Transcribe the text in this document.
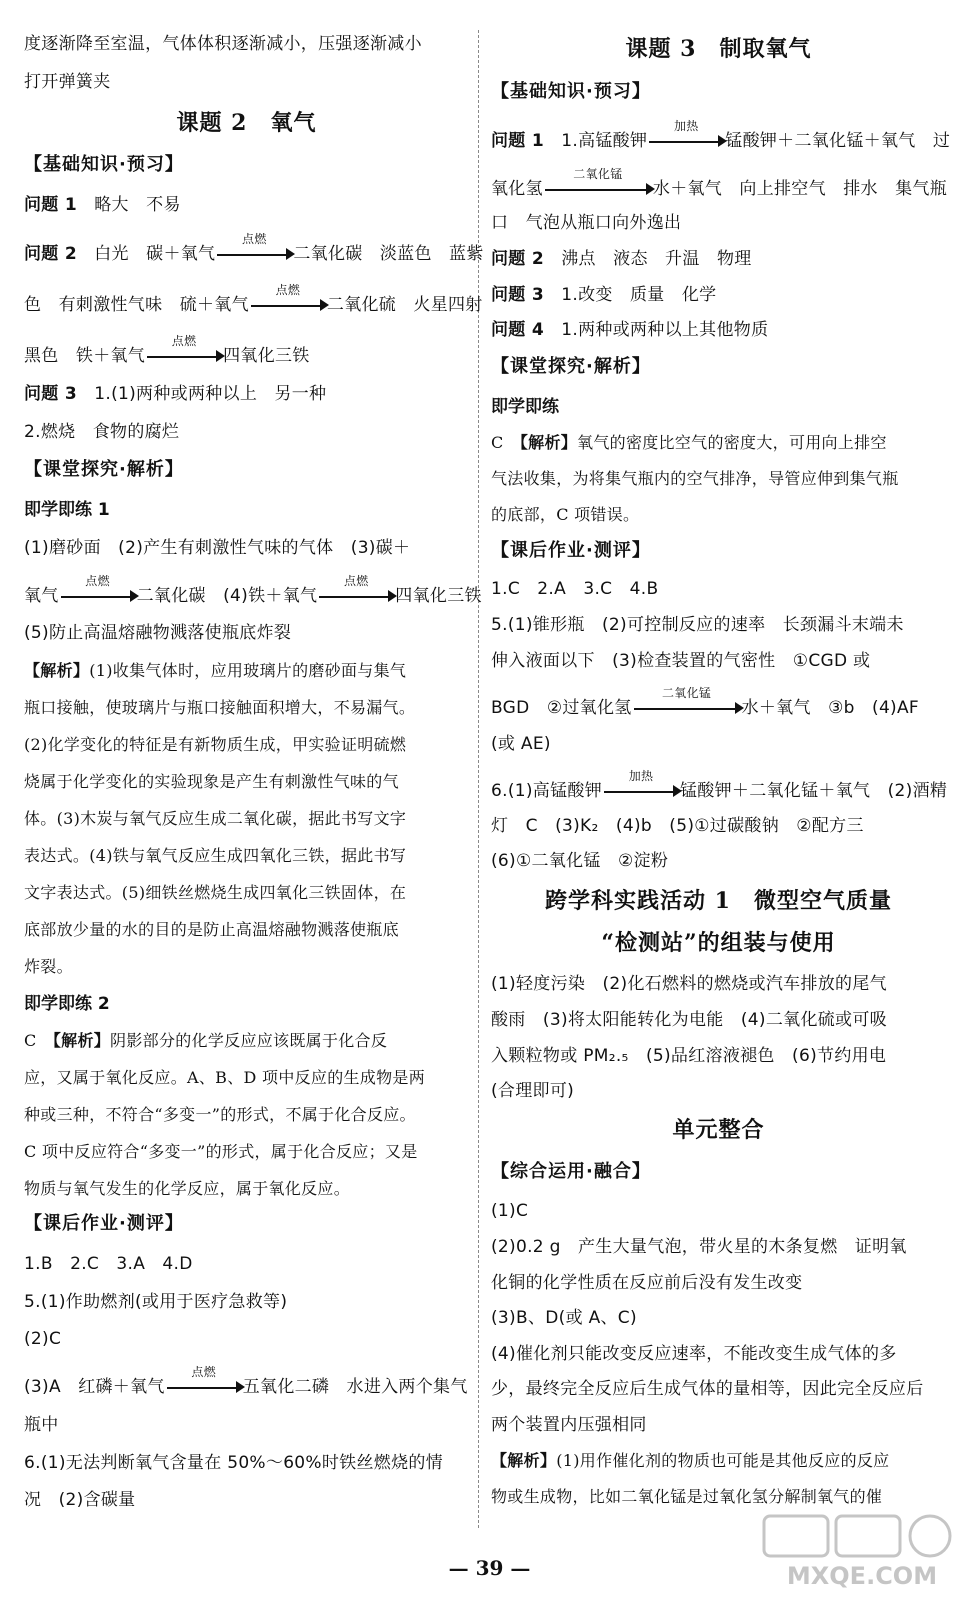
度逐渐降至室温，气体体积逐渐减小，压强逐渐减小
打开弹簧夹
课题 2　氧气
【基础知识·预习】
问题 1　略大　不易
问题 2　白光　碳＋氧气
点燃
二氧化碳　淡蓝色　蓝紫
色　有刺激性气味　硫＋氧气
点燃
二氧化硫　火星四射
黑色　铁＋氧气
点燃
四氧化三铁
问题 3　1.(1)两种或两种以上　另一种
2.燃烧　食物的腐烂
【课堂探究·解析】
即学即练 1
(1)磨砂面　(2)产生有刺激性气味的气体　(3)碳＋
氧气
点燃
二氧化碳　(4)铁＋氧气
点燃
四氧化三铁
(5)防止高温熔融物溅落使瓶底炸裂
【解析】(1)收集气体时，应用玻璃片的磨砂面与集气
瓶口接触，使玻璃片与瓶口接触面积增大，不易漏气。
(2)化学变化的特征是有新物质生成，甲实验证明硫燃
烧属于化学变化的实验现象是产生有刺激性气味的气
体。(3)木炭与氧气反应生成二氧化碳，据此书写文字
表达式。(4)铁与氧气反应生成四氧化三铁，据此书写
文字表达式。(5)细铁丝燃烧生成四氧化三铁固体，在
底部放少量的水的目的是防止高温熔融物溅落使瓶底
炸裂。
即学即练 2
C　【解析】阴影部分的化学反应应该既属于化合反
应，又属于氧化反应。A、B、D 项中反应的生成物是两
种或三种，不符合“多变一”的形式，不属于化合反应。
C 项中反应符合“多变一”的形式，属于化合反应；又是
物质与氧气发生的化学反应，属于氧化反应。
【课后作业·测评】
1.B　2.C　3.A　4.D
5.(1)作助燃剂(或用于医疗急救等)
(2)C
(3)A　红磷＋氧气
点燃
五氧化二磷　水进入两个集气
瓶中
6.(1)无法判断氧气含量在 50%～60%时铁丝燃烧的情
况　(2)含碳量
课题 3　制取氧气
【基础知识·预习】
问题 1　1.高锰酸钾
加热
锰酸钾＋二氧化锰＋氧气　过
氧化氢
二氧化锰
水＋氧气　向上排空气　排水　集气瓶
口　气泡从瓶口向外逸出
问题 2　沸点　液态　升温　物理
问题 3　1.改变　质量　化学
问题 4　1.两种或两种以上其他物质
【课堂探究·解析】
即学即练
C　【解析】氧气的密度比空气的密度大，可用向上排空
气法收集，为将集气瓶内的空气排净，导管应伸到集气瓶
的底部，C 项错误。
【课后作业·测评】
1.C　2.A　3.C　4.B
5.(1)锥形瓶　(2)可控制反应的速率　长颈漏斗末端未
伸入液面以下　(3)检查装置的气密性　①CGD 或
BGD　②过氧化氢
二氧化锰
水＋氧气　③b　(4)AF
(或 AE)
6.(1)高锰酸钾
加热
锰酸钾＋二氧化锰＋氧气　(2)酒精
灯　C　(3)K₂　(4)b　(5)①过碳酸钠　②配方三
(6)①二氧化锰　②淀粉
跨学科实践活动 1　微型空气质量
“检测站”的组装与使用
(1)轻度污染　(2)化石燃料的燃烧或汽车排放的尾气
酸雨　(3)将太阳能转化为电能　(4)二氧化硫或可吸
入颗粒物或 PM₂.₅　(5)品红溶液褪色　(6)节约用电
(合理即可)
单元整合
【综合运用·融合】
(1)C
(2)0.2 g　产生大量气泡，带火星的木条复燃　证明氧
化铜的化学性质在反应前后没有发生改变
(3)B、D(或 A、C)
(4)催化剂只能改变反应速率，不能改变生成气体的多
少，最终完全反应后生成气体的量相等，因此完全反应后
两个装置内压强相同
【解析】(1)用作催化剂的物质也可能是其他反应的反应
物或生成物，比如二氧化锰是过氧化氢分解制氧气的催
— 39 —	MXQE.COM
